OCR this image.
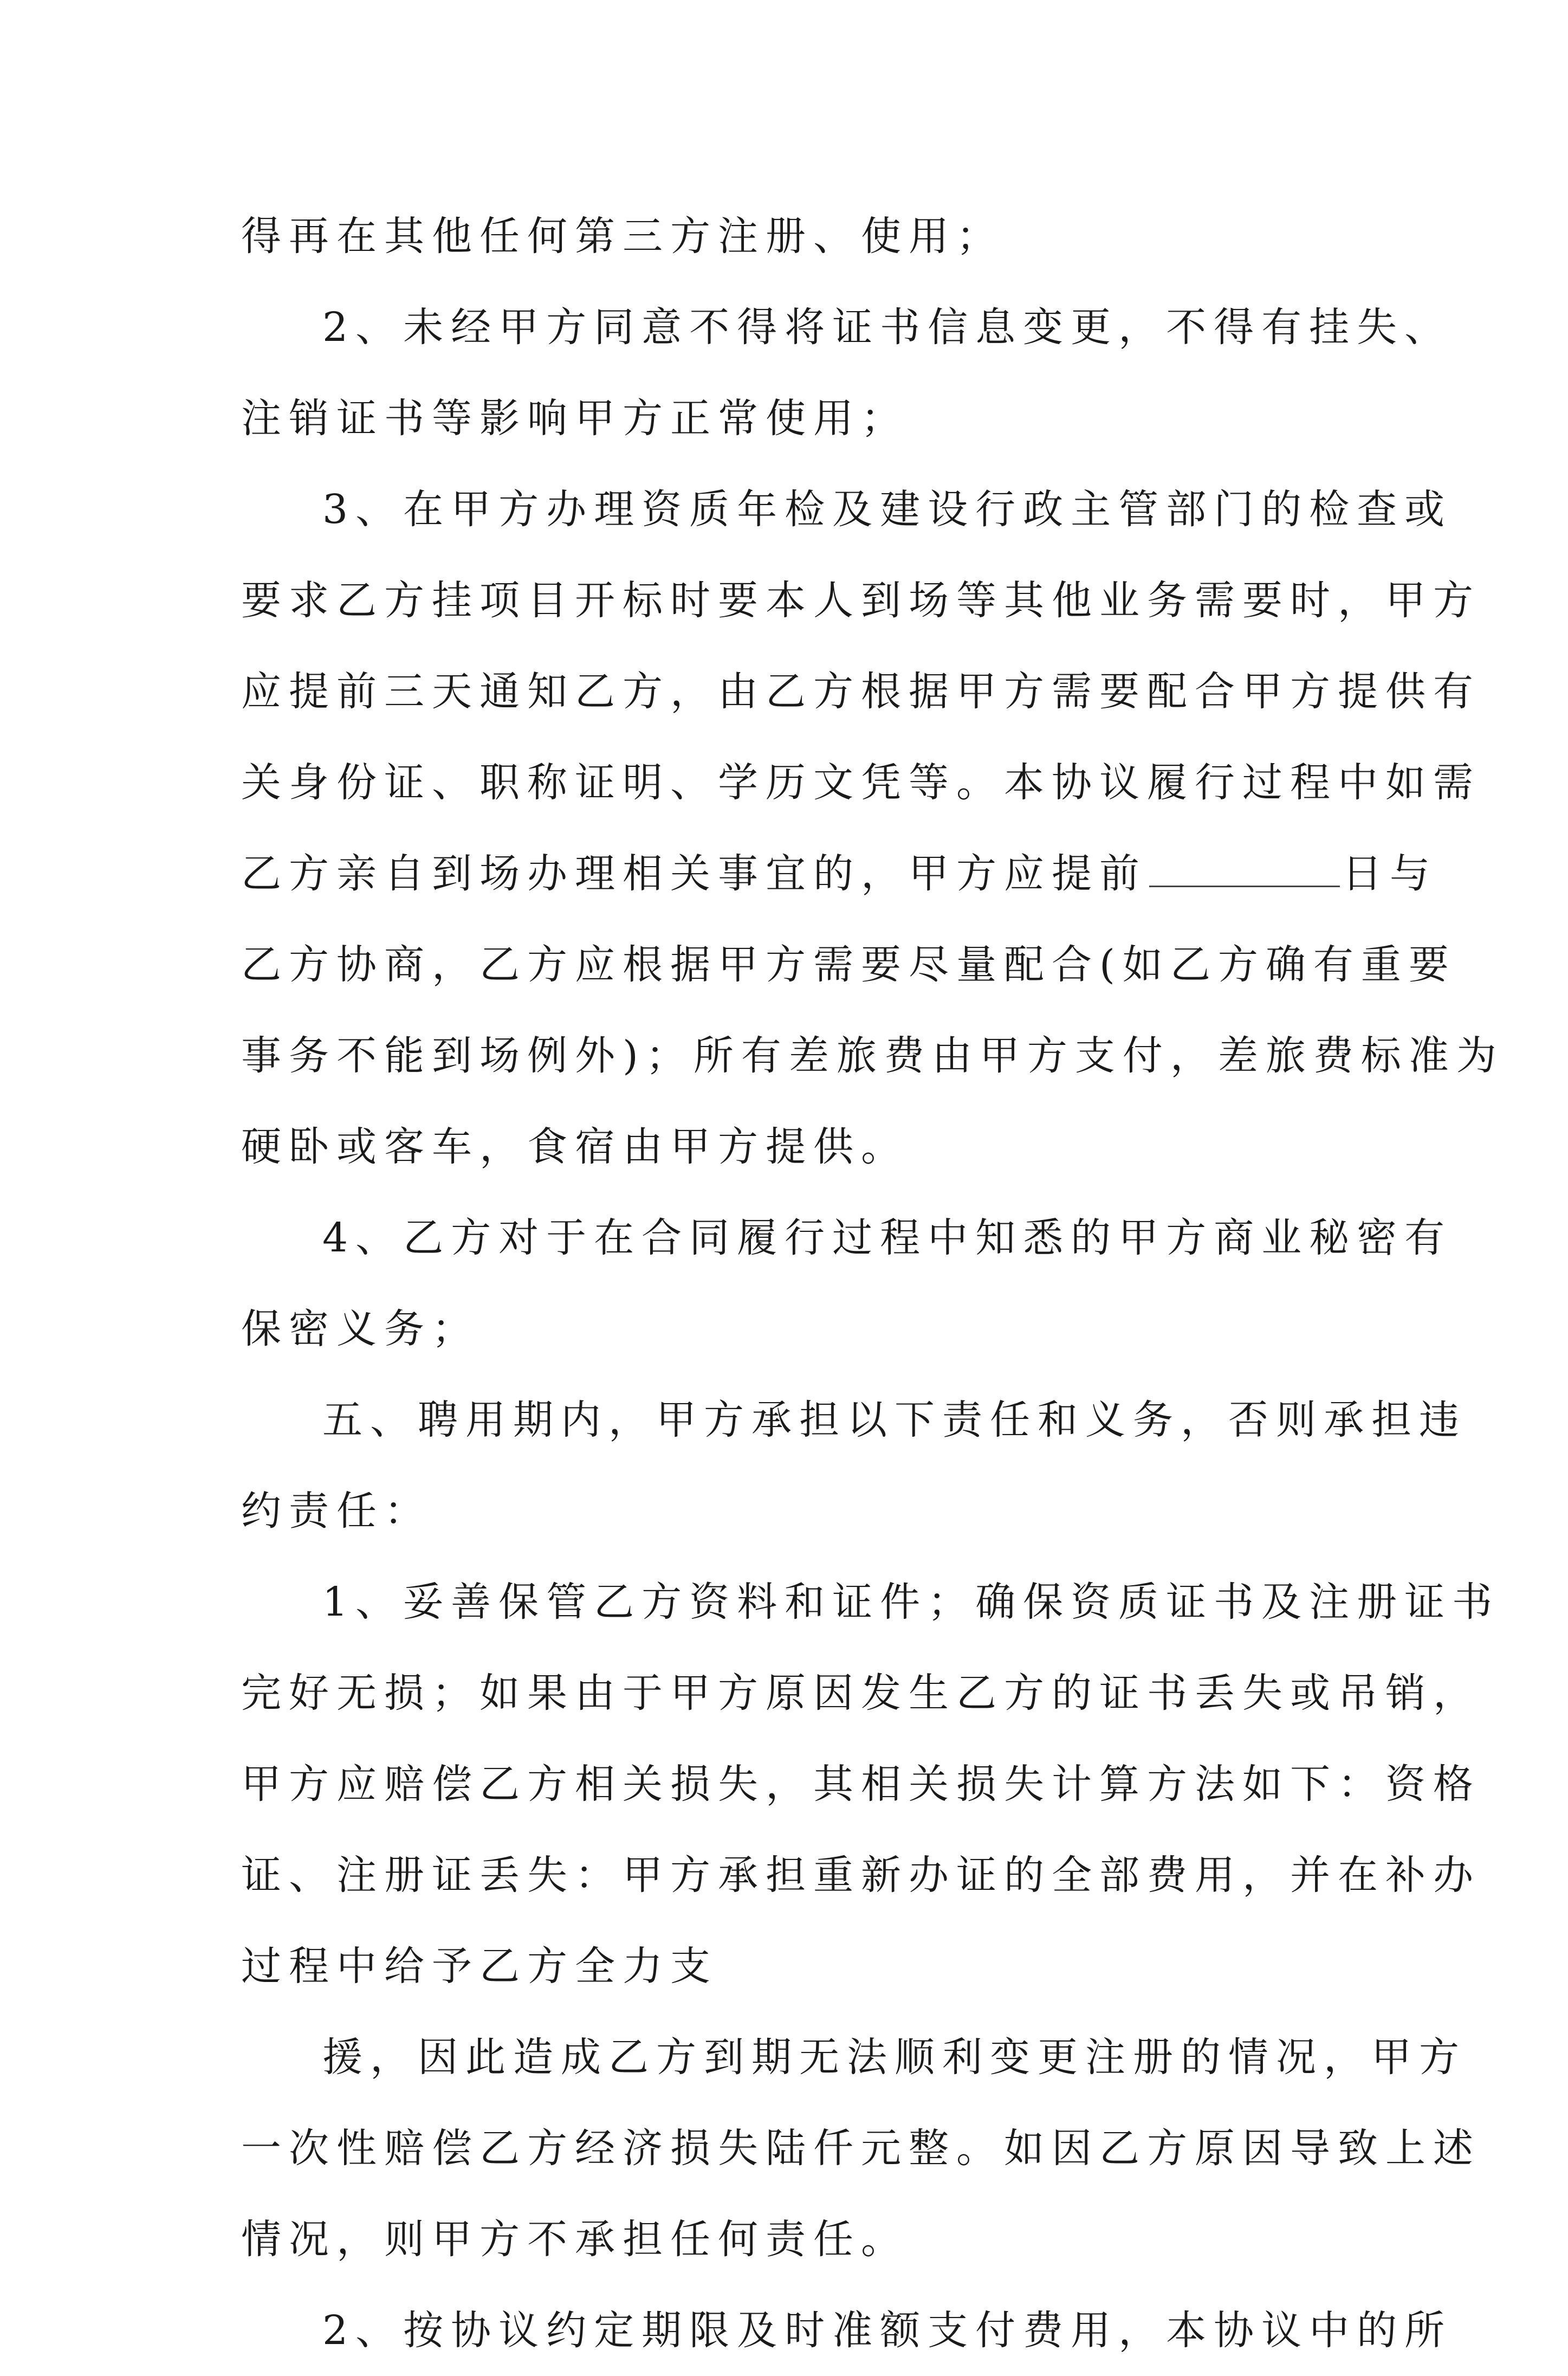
得再在其他任何第三方注册、使用；
2、未经甲方同意不得将证书信息变更，不得有挂失、
注销证书等影响甲方正常使用；
3、在甲方办理资质年检及建设行政主管部门的检查或
要求乙方挂项目开标时要本人到场等其他业务需要时，甲方
应提前三天通知乙方，由乙方根据甲方需要配合甲方提供有
关身份证、职称证明、学历文凭等。本协议履行过程中如需
乙方亲自到场办理相关事宜的，甲方应提前	日与
乙方协商，乙方应根据甲方需要尽量配合(如乙方确有重要
事务不能到场例外)；所有差旅费由甲方支付，差旅费标准为
硬卧或客车，食宿由甲方提供。
4、乙方对于在合同履行过程中知悉的甲方商业秘密有
保密义务；
五、聘用期内，甲方承担以下责任和义务，否则承担违
约责任：
1、妥善保管乙方资料和证件；确保资质证书及注册证书
完好无损；如果由于甲方原因发生乙方的证书丢失或吊销，
甲方应赔偿乙方相关损失，其相关损失计算方法如下：资格
证、注册证丢失：甲方承担重新办证的全部费用，并在补办
过程中给予乙方全力支
援，因此造成乙方到期无法顺利变更注册的情况，甲方
一次性赔偿乙方经济损失陆仟元整。如因乙方原因导致上述
情况，则甲方不承担任何责任。
2、按协议约定期限及时准额支付费用，本协议中的所
